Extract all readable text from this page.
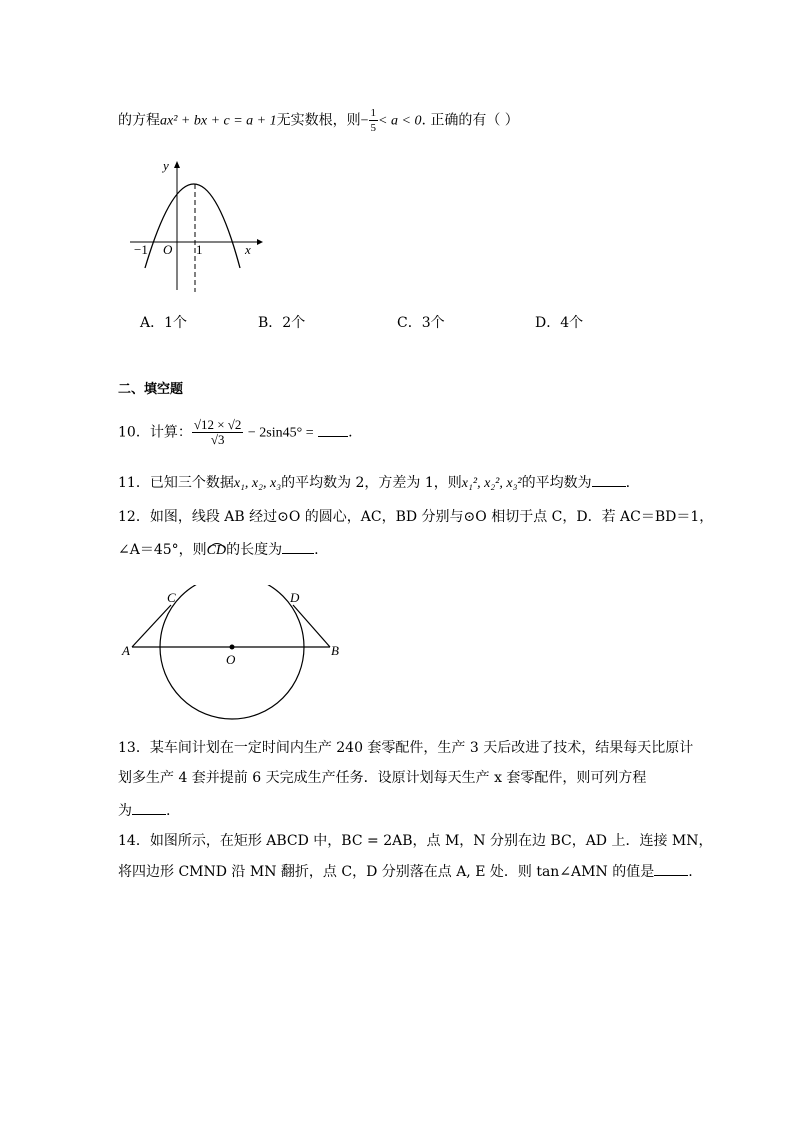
的方程ax² + bx + c = a + 1无实数根，则− $\frac{1}{5} < a < 0$. 正确的有（ ）
y
x
−1 O 1
A．1个	B．2个	C．3个	D．4个
二、填空题
10．计算： $\frac{√12 \times √2}{√3} - 2\sin 45^\circ$ = .
11．已知三个数据x₁, x₂, x₃的平均数为 2，方差为 1，则x₁², x₂², x₃²的平均数为 .
12．如图，线段 AB 经过⊙O 的圆心，AC，BD 分别与⊙O 相切于点 C，D．若 AC＝BD＝1，
∠A＝45°，则CD
的长度为 .
A	B
C	D
O
13．某车间计划在一定时间内生产 240 套零配件，生产 3 天后改进了技术，结果每天比原计
划多生产 4 套并提前 6 天完成生产任务．设原计划每天生产 x 套零配件，则可列方程
为 .
14．如图所示，在矩形 ABCD 中，BC = 2AB，点 M，N 分别在边 BC，AD 上．连接 MN，
将四边形 CMND 沿 MN 翻折，点 C，D 分别落在点 A, E 处．则 tan∠AMN 的值是 .
